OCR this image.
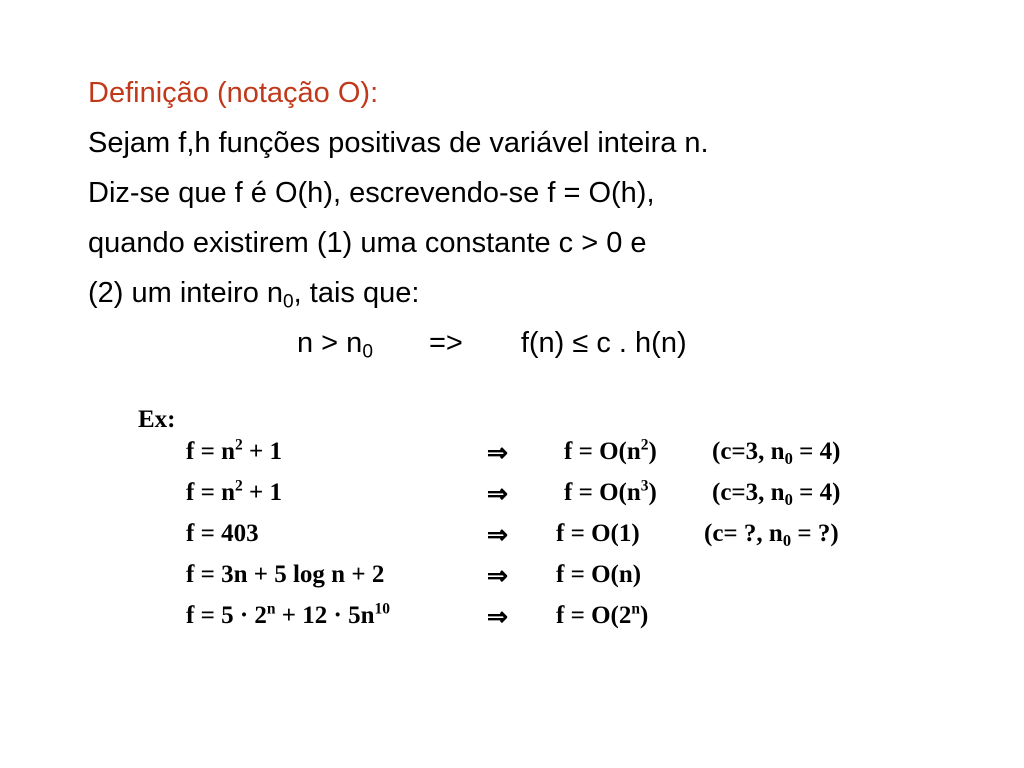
Definição (notação O):
Sejam f,h funções positivas de variável inteira n.
Diz-se que f é O(h), escrevendo-se f = O(h),
quando existirem (1) uma constante c > 0 e
(2) um inteiro $n_0$, tais que:
$n > n_0 => f(n) \le c$ . h(n)
Ex:
$f = n^2 + 1$	⇒ $f = O(n^2)$ (c=3, $n_0 = 4$)
$f = n^2 + 1$	⇒ $f = O(n^3)$ (c=3, $n_0 = 4$)
f = 403	⇒ f = O(1)	(c= ?, $n_0$ = ?)
f = 3n + 5 log n + 2	⇒ f = O(n)
$f = 5 \cdot 2^n + 12 \cdot 5n^{10}$	⇒ $f = O(2^n)$
